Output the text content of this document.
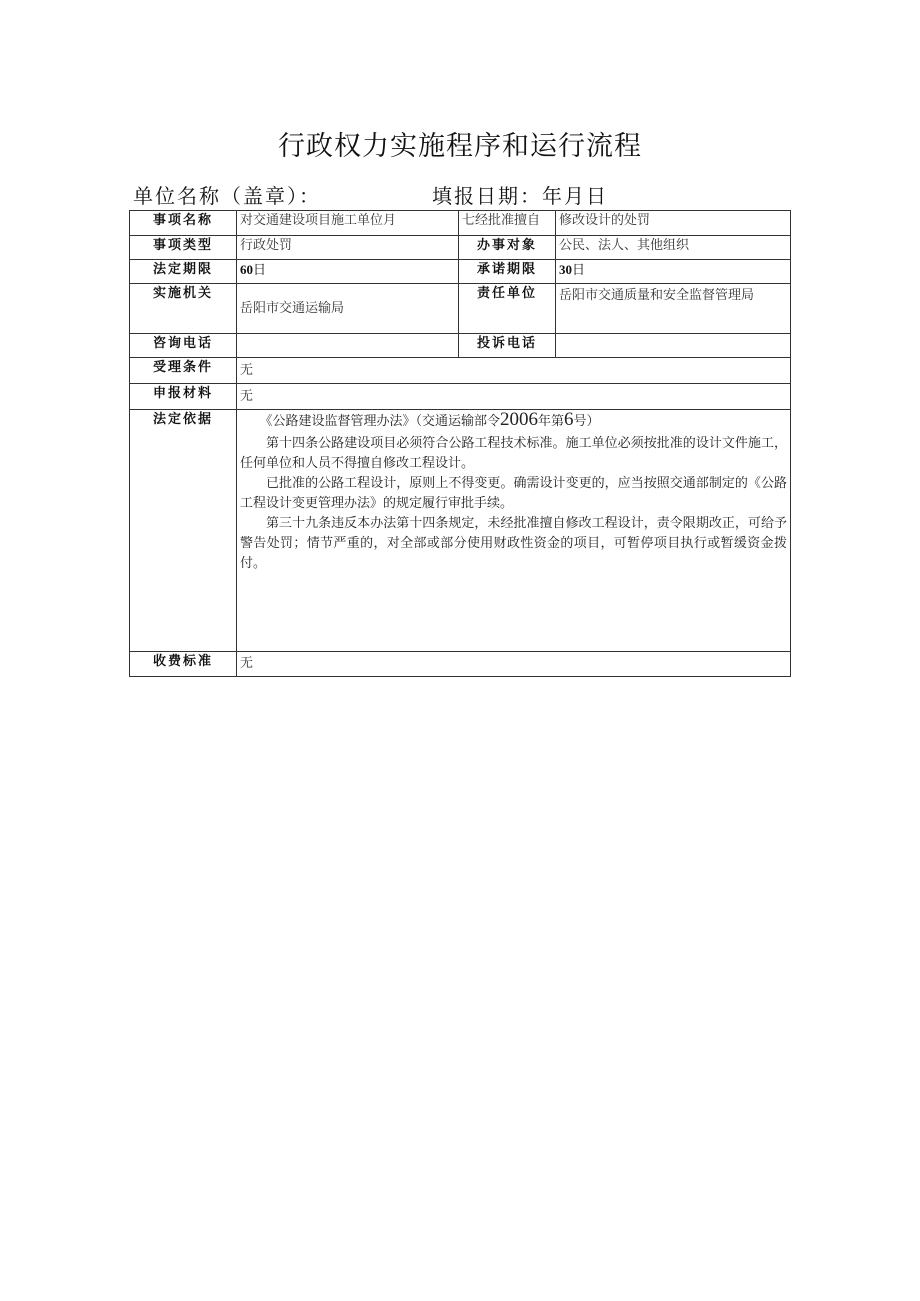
行政权力实施程序和运行流程
单位名称（盖章）：	填报日期：年月日
事项名称	对交通建设项目施工单位月	七经批准擅自	修改设计的处罚
事项类型	行政处罚	办事对象	公民、法人、其他组织
法定期限	60日	承诺期限	30日
实施机关	岳阳市交通运输局	责任单位	岳阳市交通质量和安全监督管理局
咨询电话		投诉电话	
受理条件	无		
申报材料	无		
法定依据	《公路建设监督管理办法》（交通运输部令2006年第6号）

第十四条公路建设项目必须符合公路工程技术标准。施工单位必须按批准的设计文件施工，任何单位和人员不得擅自修改工程设计。

已批准的公路工程设计，原则上不得变更。确需设计变更的，应当按照交通部制定的《公路工程设计变更管理办法》的规定履行审批手续。

第三十九条违反本办法第十四条规定，未经批准擅自修改工程设计，责令限期改正，可给予警告处罚；情节严重的，对全部或部分使用财政性资金的项目，可暂停项目执行或暂缓资金拨付。		

收费标准	无		
